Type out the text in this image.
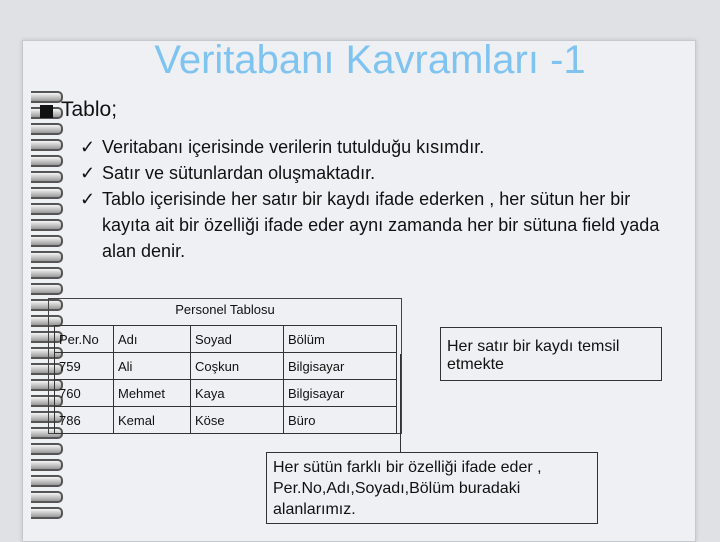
Veritabanı Kavramları -1
Tablo;
✓ Veritabanı içerisinde verilerin tutulduğu kısımdır.
✓ Satır ve sütunlardan oluşmaktadır.
✓ Tablo içerisinde her satır bir kaydı ifade ederken , her sütun her bir kayıta ait bir özelliği ifade eder aynı zamanda her bir sütuna field yada alan denir.
Personel Tablosu
Per.No	Adı	Soyad	Bölüm
759	Ali	Coşkun	Bilgisayar
760	Mehmet	Kaya	Bilgisayar
786	Kemal	Köse	Büro
Her satır bir kaydı temsil etmekte
Her sütün farklı bir özelliği ifade eder , Per.No,Adı,Soyadı,Bölüm buradaki alanlarımız.
